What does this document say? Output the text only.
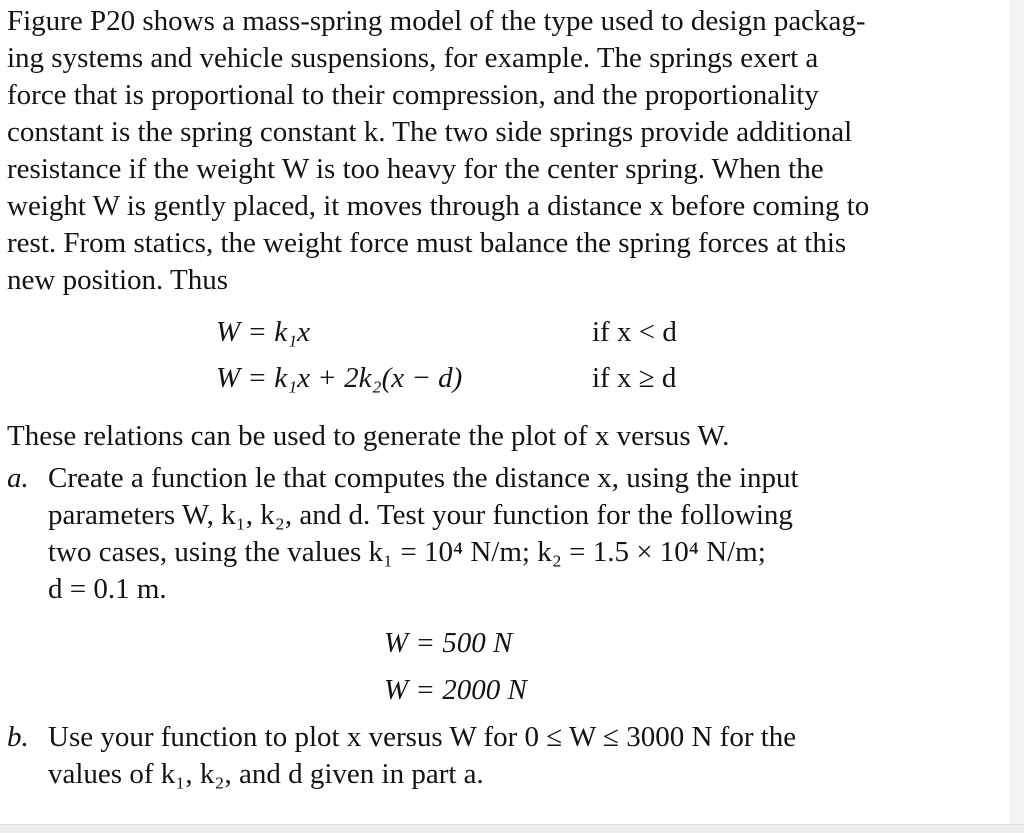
Figure P20 shows a mass-spring model of the type used to design packag-
ing systems and vehicle suspensions, for example. The springs exert a
force that is proportional to their compression, and the proportionality
constant is the spring constant k. The two side springs provide additional
resistance if the weight W is too heavy for the center spring. When the
weight W is gently placed, it moves through a distance x before coming to
rest. From statics, the weight force must balance the spring forces at this
new position. Thus
W = k₁x	if x < d
W = k₁x + 2k₂(x − d)	if x ≥ d
These relations can be used to generate the plot of x versus W.
a. Create a function le that computes the distance x, using the input
parameters W, k₁, k₂, and d. Test your function for the following
two cases, using the values k₁ = 10⁴ N/m; k₂ = 1.5 × 10⁴ N/m;
d = 0.1 m.
W = 500 N
W = 2000 N
b. Use your function to plot x versus W for 0 ≤ W ≤ 3000 N for the
values of k₁, k₂, and d given in part a.
